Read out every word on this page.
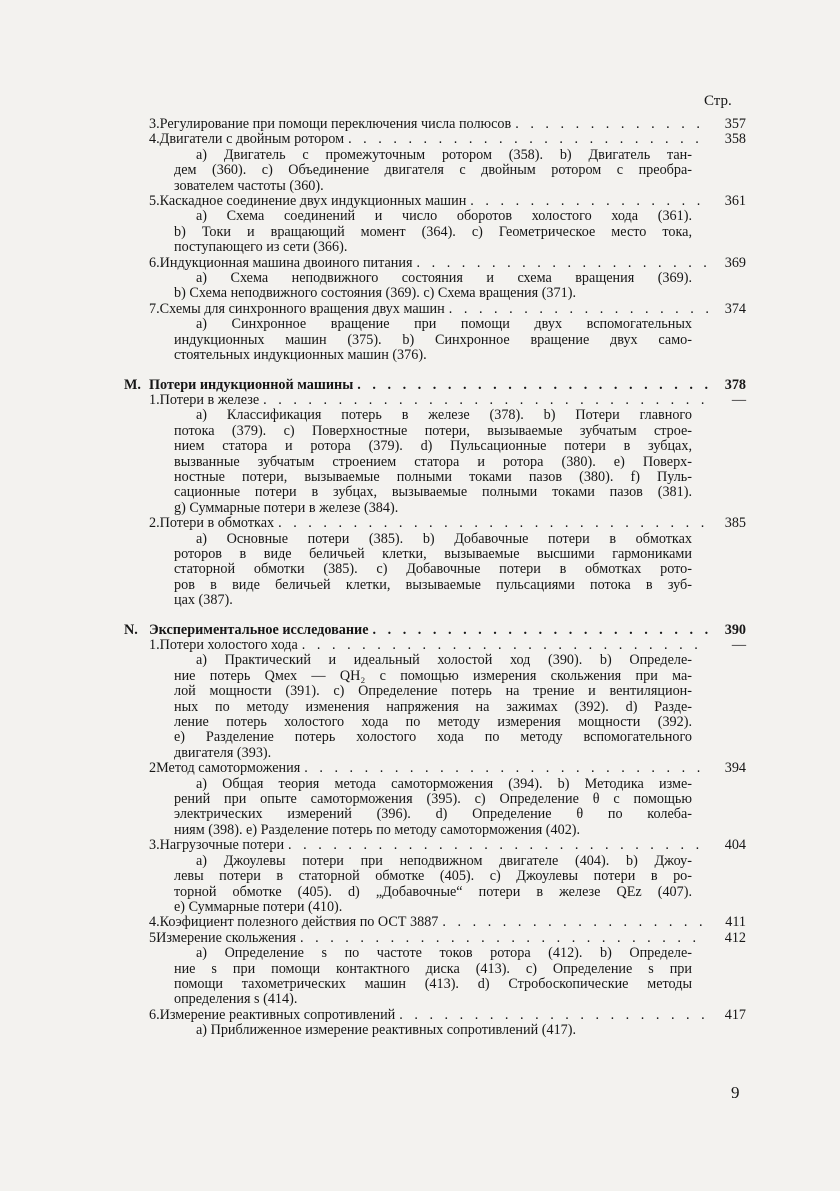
Стр.
3. Регулирование при помощи переключения числа полюсов . . .	357
4. Двигатели с двойным ротором . . .	358
а) Двигатель с промежуточным ротором (358). b) Двигатель тан-
дем (360). c) Объединение двигателя с двойным ротором с преобра-
зователем частоты (360).
5. Каскадное соединение двух индукционных машин . . .	361
а) Схема соединений и число оборотов холостого хода (361).
b) Токи и вращающий момент (364). c) Геометрическое место тока,
поступающего из сети (366).
6. Индукционная машина двоиного питания . . .	369
а) Схема неподвижного состояния и схема вращения (369).
b) Схема неподвижного состояния (369). c) Схема вращения (371).
7. Схемы для синхронного вращения двух машин . . .	374
а) Синхронное вращение при помощи двух вспомогательных
индукционных машин (375). b) Синхронное вращение двух само-
стоятельных индукционных машин (376).
M. Потери индукционной машины . . .	378
1. Потери в железе . . .	—
а) Классификация потерь в железе (378). b) Потери главного
потока (379). c) Поверхностные потери, вызываемые зубчатым строе-
нием статора и ротора (379). d) Пульсационные потери в зубцах,
вызванные зубчатым строением статора и ротора (380). e) Поверх-
ностные потери, вызываемые полными токами пазов (380). f) Пуль-
сационные потери в зубцах, вызываемые полными токами пазов (381).
g) Суммарные потери в железе (384).
2. Потери в обмотках . . .	385
а) Основные потери (385). b) Добавочные потери в обмотках
роторов в виде беличьей клетки, вызываемые высшими гармониками
статорной обмотки (385). c) Добавочные потери в обмотках рото-
ров в виде беличьей клетки, вызываемые пульсациями потока в зуб-
цах (387).
N. Экспериментальное исследование . . .	390
1. Потери холостого хода . . .	—
а) Практический и идеальный холостой ход (390). b) Определе-
ние потерь Qмех — QH₂ с помощью измерения скольжения при ма-
лой мощности (391). c) Определение потерь на трение и вентиляцион-
ных по методу изменения напряжения на зажимах (392). d) Разде-
ление потерь холостого хода по методу измерения мощности (392).
e) Разделение потерь холостого хода по методу вспомогательного
двигателя (393).
2 Метод самоторможения . . .	394
а) Общая теория метода самоторможения (394). b) Методика изме-
рений при опыте самоторможения (395). c) Определение θ с помощью
электрических измерений (396). d) Определение θ по колеба-
ниям (398). e) Разделение потерь по методу самоторможения (402).
3. Нагрузочные потери . . .	404
а) Джоулевы потери при неподвижном двигателе (404). b) Джоу-
левы потери в статорной обмотке (405). c) Джоулевы потери в ро-
торной обмотке (405). d) „Добавочные“ потери в железе QEz (407).
e) Суммарные потери (410).
4. Коэфициент полезного действия по ОСТ 3887 . . .	411
5 Измерение скольжения . . .	412
а) Определение s по частоте токов ротора (412). b) Определе-
ние s при помощи контактного диска (413). c) Определение s при
помощи тахометрических машин (413). d) Стробоскопические методы
определения s (414).
6. Измерение реактивных сопротивлений . . .	417
а) Приближенное измерение реактивных сопротивлений (417).
9
